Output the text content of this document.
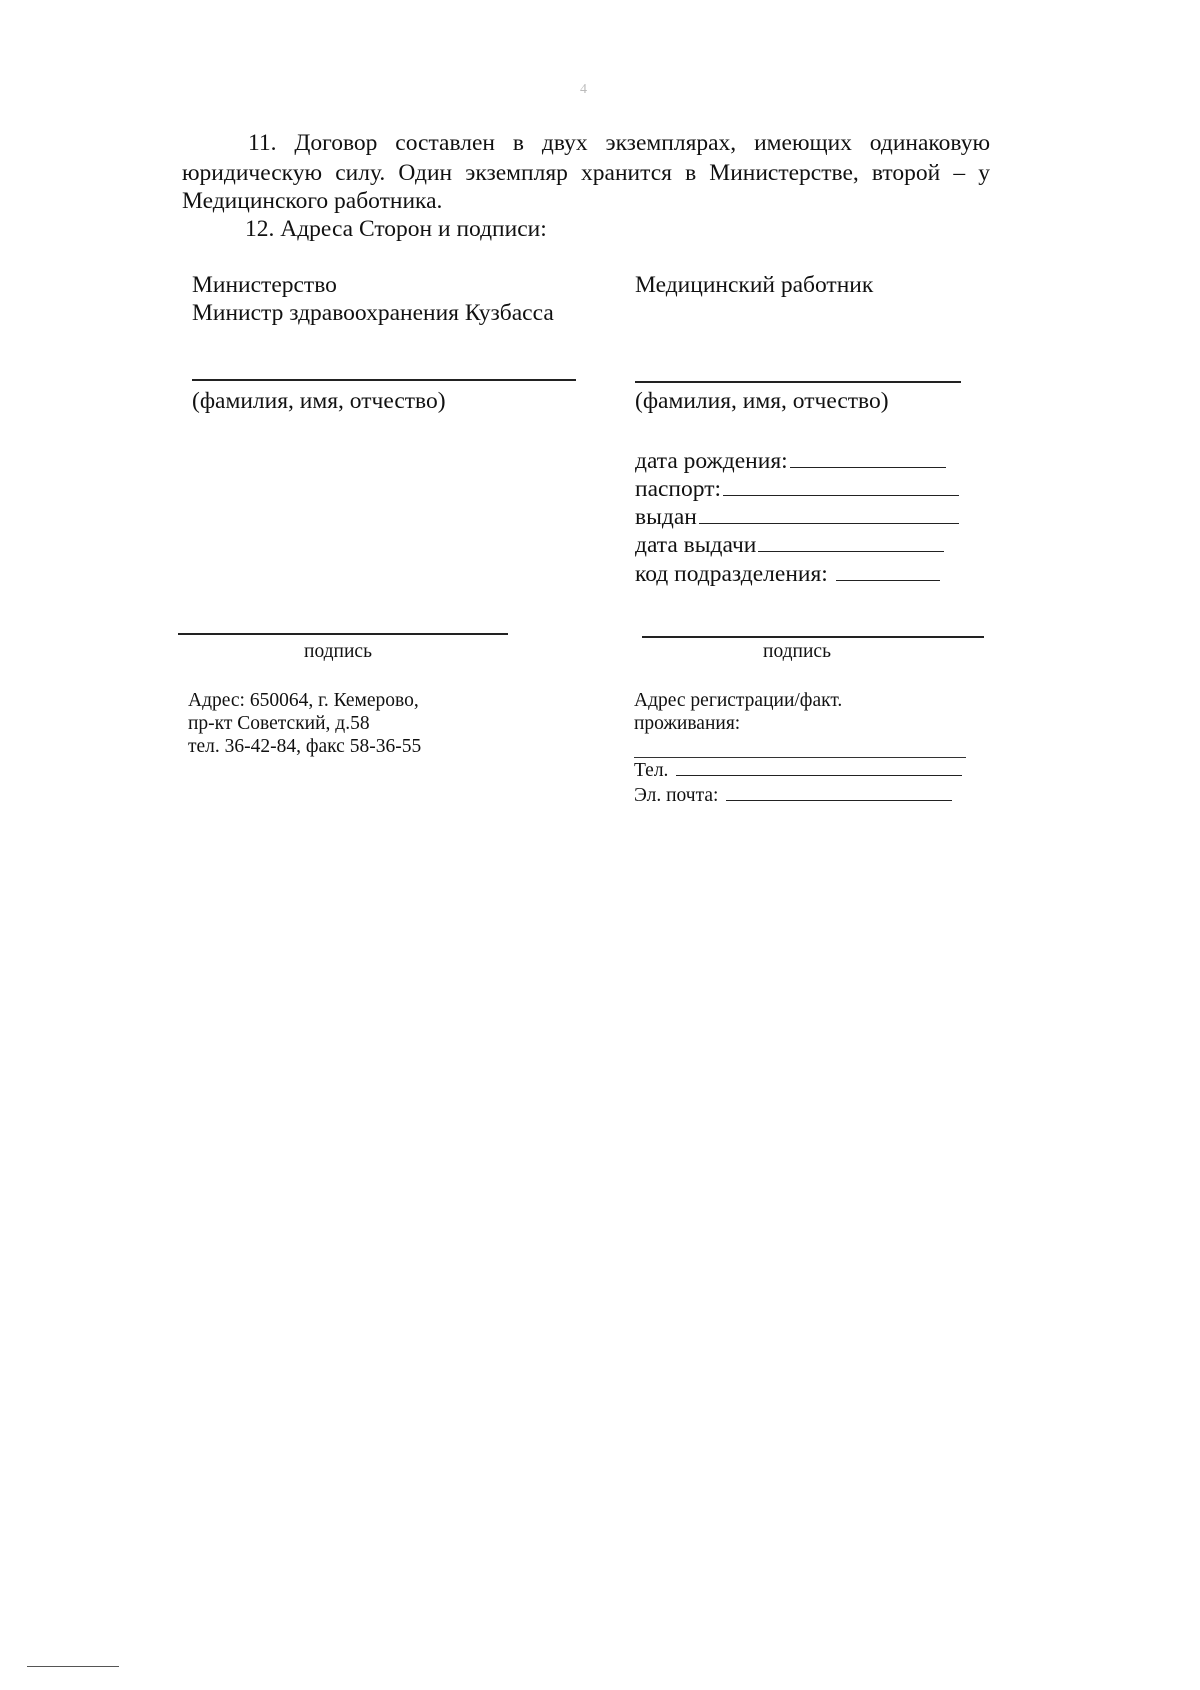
4
11. Договор составлен в двух экземплярах, имеющих одинаковую
юридическую силу. Один экземпляр хранится в Министерстве, второй – у
Медицинского работника.
12. Адреса Сторон и подписи:
Министерство
Министр здравоохранения Кузбасса
(фамилия, имя, отчество)
Медицинский работник
(фамилия, имя, отчество)
дата рождения:
паспорт:
выдан
дата выдачи
код подразделения:
подпись	подпись
Адрес: 650064, г. Кемерово,
пр-кт Советский, д.58
тел. 36-42-84, факс 58-36-55
Адрес регистрации/факт.
проживания:
Тел.
Эл. почта:
